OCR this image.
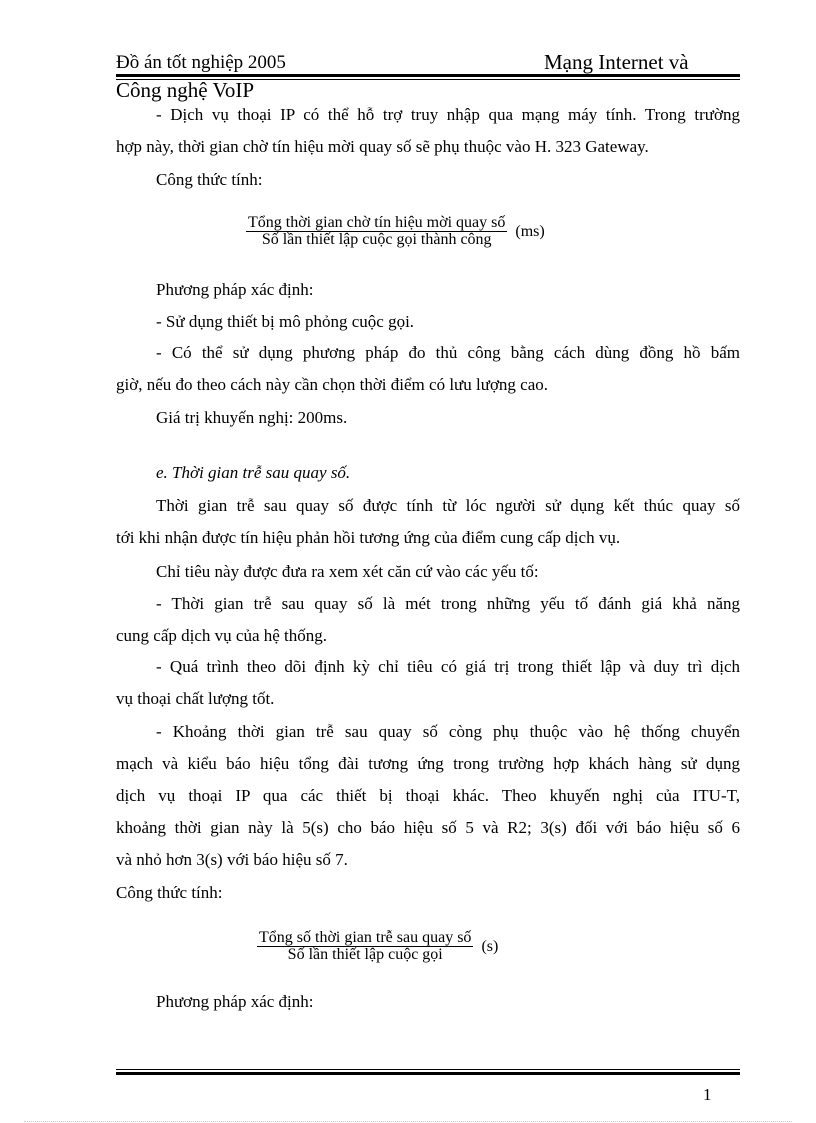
Đồ án tốt nghiệp 2005	Mạng Internet và
Công nghệ VoIP
- Dịch vụ thoại IP có thể hỗ trợ truy nhập qua mạng máy tính. Trong trường
hợp này, thời gian chờ tín hiệu mời quay số sẽ phụ thuộc vào H. 323 Gateway.
Công thức tính:
$\frac{\text{Tổng thời gian chờ tín hiệu mời quay số}}{\text{Số lần thiết lập cuộc gọi thành công}} (ms)$
Phương pháp xác định:
- Sử dụng thiết bị mô phỏng cuộc gọi.
- Có thể sử dụng phương pháp đo thủ công bằng cách dùng đồng hồ bấm
giờ, nếu đo theo cách này cần chọn thời điểm có lưu lượng cao.
Giá trị khuyến nghị: 200ms.
e. Thời gian trễ sau quay số.
Thời gian trễ sau quay số được tính từ lóc người sử dụng kết thúc quay số
tới khi nhận được tín hiệu phản hồi tương ứng của điểm cung cấp dịch vụ.
Chỉ tiêu này được đưa ra xem xét căn cứ vào các yếu tố:
- Thời gian trễ sau quay số là mét trong những yếu tố đánh giá khả năng
cung cấp dịch vụ của hệ thống.
- Quá trình theo dõi định kỳ chỉ tiêu có giá trị trong thiết lập và duy trì dịch
vụ thoại chất lượng tốt.
- Khoảng thời gian trễ sau quay số còng phụ thuộc vào hệ thống chuyển
mạch và kiểu báo hiệu tổng đài tương ứng trong trường hợp khách hàng sử dụng
dịch vụ thoại IP qua các thiết bị thoại khác. Theo khuyến nghị của ITU-T,
khoảng thời gian này là 5(s) cho báo hiệu số 5 và R2; 3(s) đối với báo hiệu số 6
và nhỏ hơn 3(s) với báo hiệu số 7.
Công thức tính:
$\frac{\text{Tổng số thời gian trễ sau quay số}}{\text{Số lần thiết lập cuộc gọi}} (s)$
Phương pháp xác định:
1
